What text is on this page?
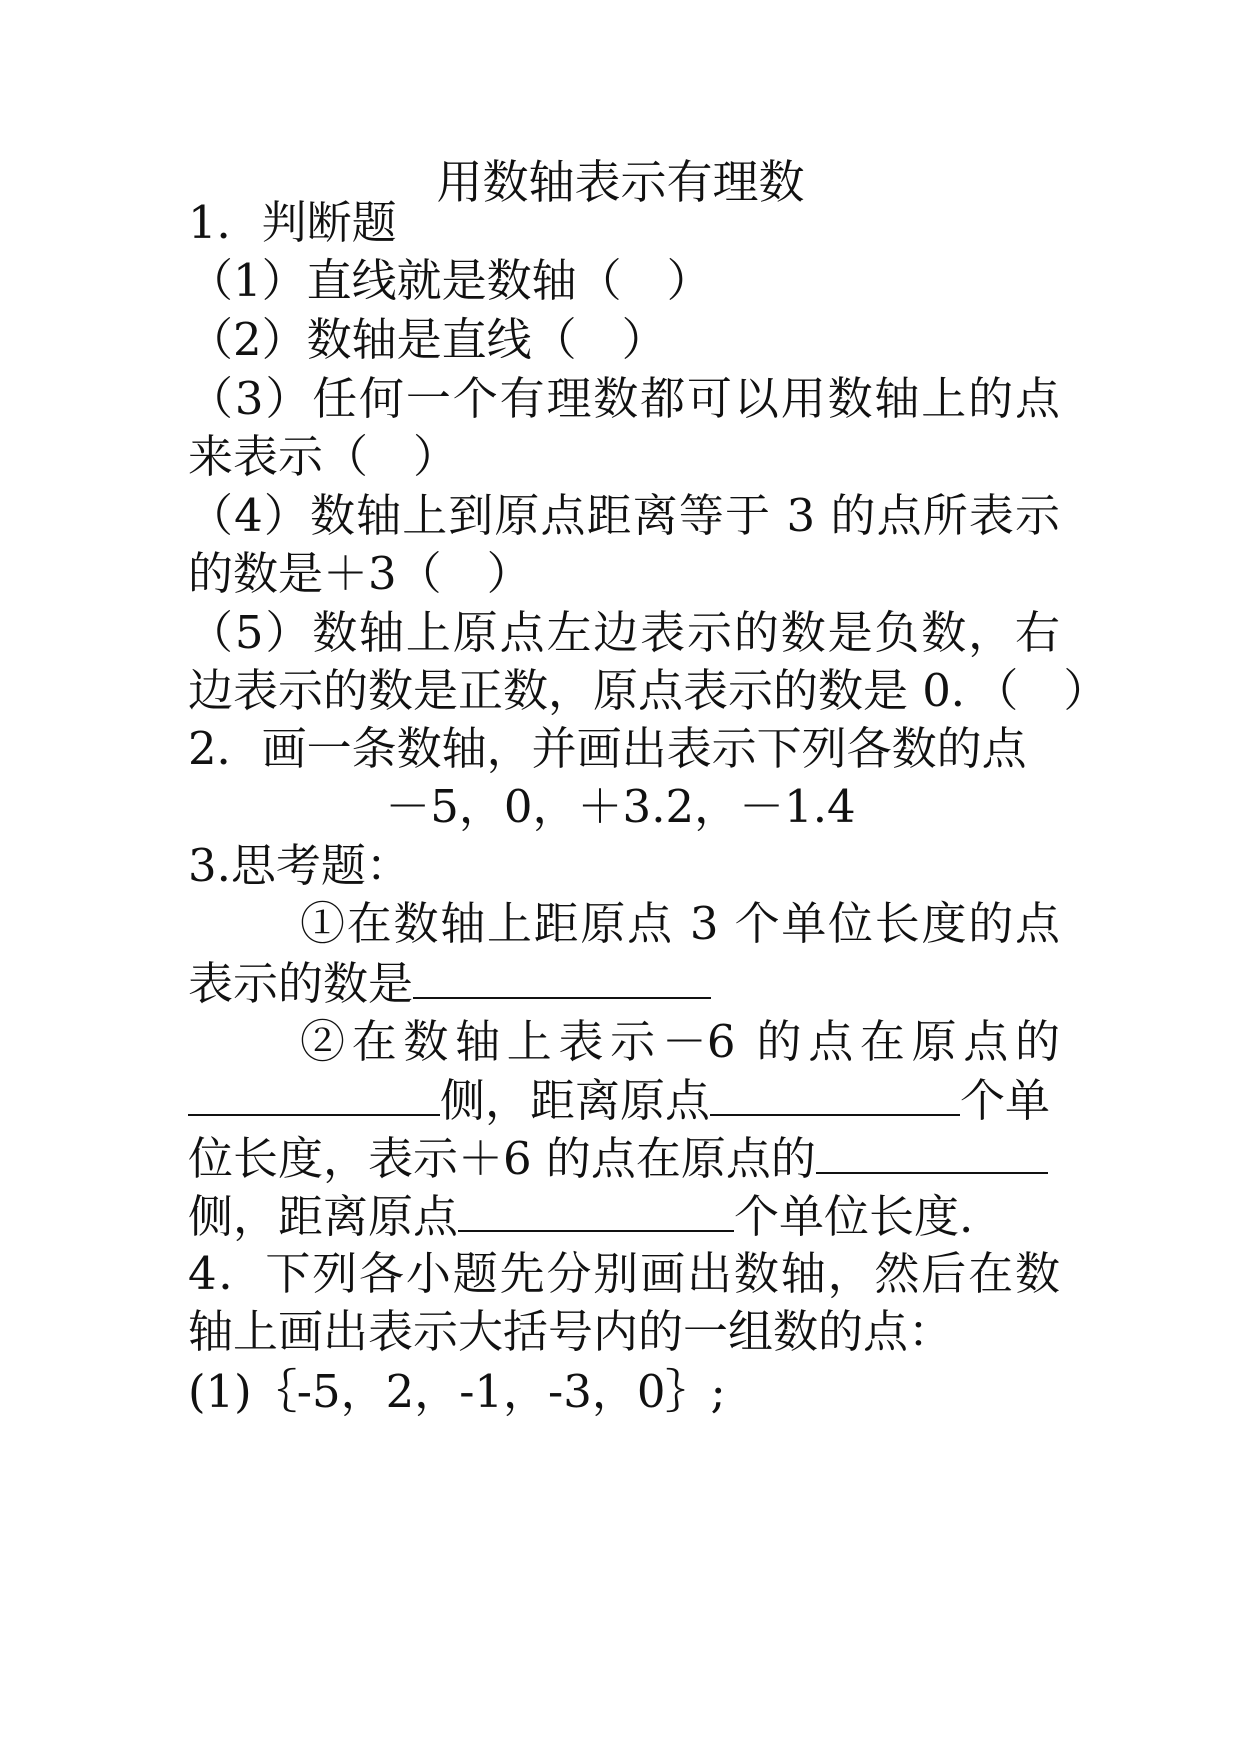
用数轴表示有理数
1．判断题
（1）直线就是数轴（　）
（2）数轴是直线（　）
（3）任何一个有理数都可以用数轴上的点
来表示（　）
（4）数轴上到原点距离等于 3 的点所表示
的数是＋3（　）
（5）数轴上原点左边表示的数是负数，右
边表示的数是正数，原点表示的数是 0．（　）
2．画一条数轴，并画出表示下列各数的点
－5，0，＋3.2，－1.4
3.思考题：
①在数轴上距原点 3 个单位长度的点
表示的数是
②在数轴上表示－6 的点在原点的
侧，距离原点	个单
位长度，表示＋6 的点在原点的
侧，距离原点	个单位长度.
4．下列各小题先分别画出数轴，然后在数
轴上画出表示大括号内的一组数的点：
(1)｛-5，2，-1，-3，0｝;
